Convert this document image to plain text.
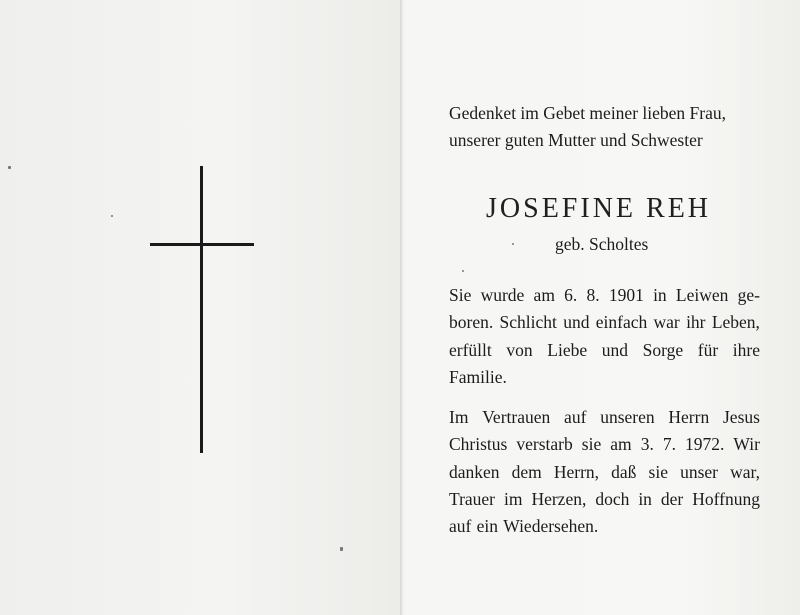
Gedenket im Gebet meiner lieben Frau,
unserer guten Mutter und Schwester
JOSEFINE REH
geb. Scholtes
Sie wurde am 6. 8. 1901 in Leiwen ge-
boren. Schlicht und einfach war ihr Leben,
erfüllt von Liebe und Sorge für ihre
Familie.
Im Vertrauen auf unseren Herrn Jesus
Christus verstarb sie am 3. 7. 1972. Wir
danken dem Herrn, daß sie unser war,
Trauer im Herzen, doch in der Hoffnung
auf ein Wiedersehen.
